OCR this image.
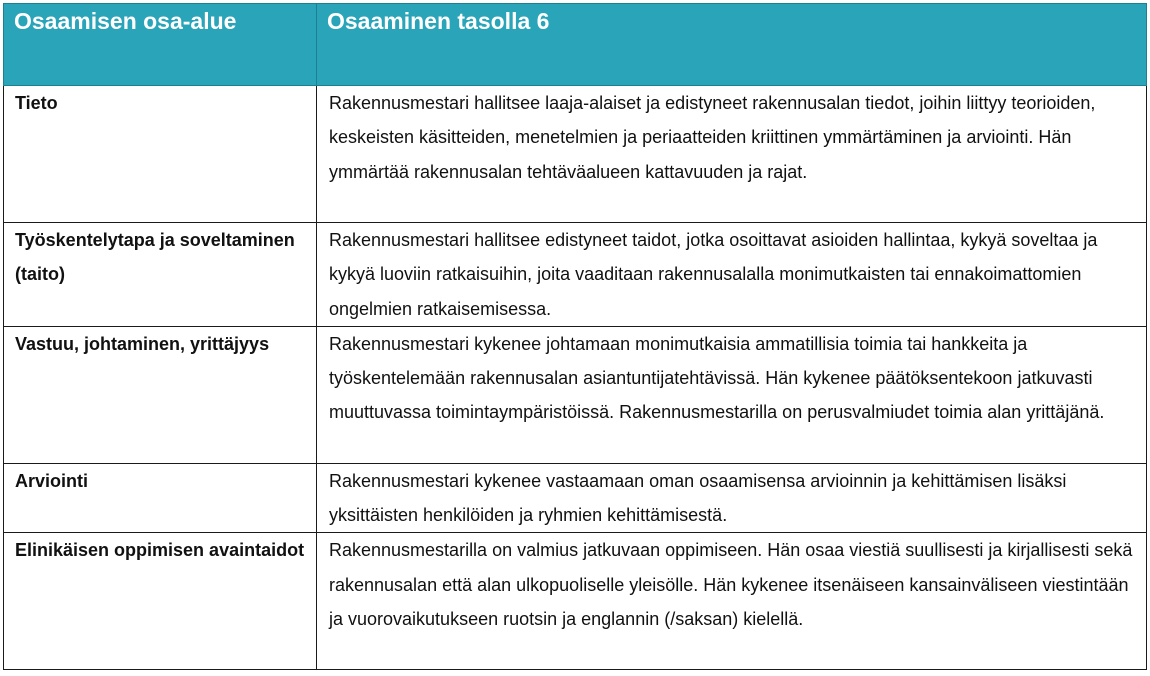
Osaamisen osa-alue	Osaaminen tasolla 6
Tieto	Rakennusmestari hallitsee laaja-alaiset ja edistyneet rakennusalan tiedot, joihin liittyy teorioiden, keskeisten käsitteiden, menetelmien ja periaatteiden kriittinen ymmärtäminen ja arviointi. Hän ymmärtää rakennusalan tehtäväalueen kattavuuden ja rajat.
Työskentelytapa ja soveltaminen (taito)	Rakennusmestari hallitsee edistyneet taidot, jotka osoittavat asioiden hallintaa, kykyä soveltaa ja kykyä luoviin ratkaisuihin, joita vaaditaan rakennusalalla monimutkaisten tai ennakoimattomien ongelmien ratkaisemisessa.
Vastuu, johtaminen, yrittäjyys	Rakennusmestari kykenee johtamaan monimutkaisia ammatillisia toimia tai hankkeita ja työskentelemään rakennusalan asiantuntijatehtävissä. Hän kykenee päätöksentekoon jatkuvasti muuttuvassa toimintaympäristöissä. Rakennusmestarilla on perusvalmiudet toimia alan yrittäjänä.
Arviointi	Rakennusmestari kykenee vastaamaan oman osaamisensa arvioinnin ja kehittämisen lisäksi yksittäisten henkilöiden ja ryhmien kehittämisestä.
Elinikäisen oppimisen avaintaidot	Rakennusmestarilla on valmius jatkuvaan oppimiseen. Hän osaa viestiä suullisesti ja kirjallisesti sekä rakennusalan että alan ulkopuoliselle yleisölle. Hän kykenee itsenäiseen kansainväliseen viestintään ja vuorovaikutukseen ruotsin ja englannin (/saksan) kielellä.
